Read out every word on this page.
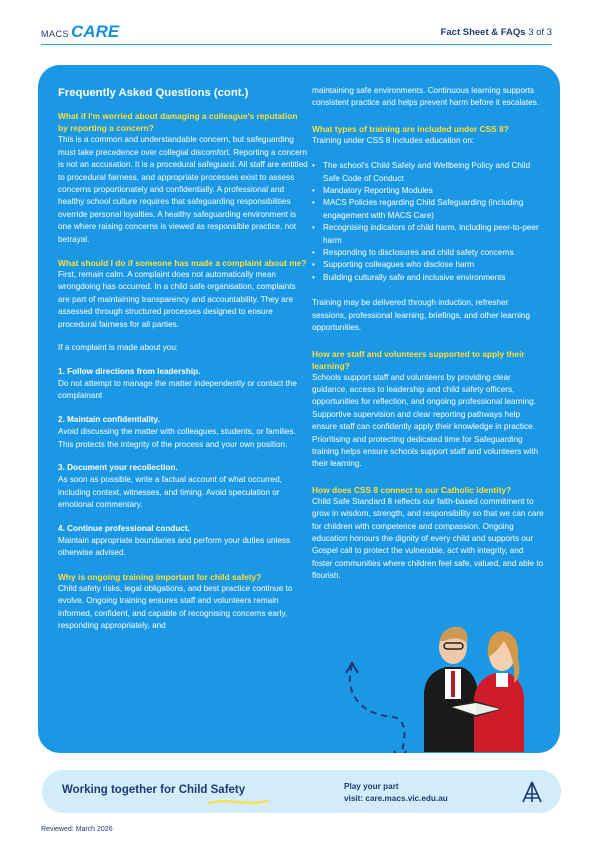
MACS CARE	Fact Sheet & FAQs 3 of 3

Frequently Asked Questions (cont.)

What if I'm worried about damaging a colleague's reputation by reporting a concern?

This is a common and understandable concern, but safeguarding must take precedence over collegial discomfort. Reporting a concern is not an accusation. It is a procedural safeguard. All staff are entitled to procedural fairness, and appropriate processes exist to assess concerns proportionately and confidentially. A professional and healthy school culture requires that safeguarding responsibilities override personal loyalties. A healthy safeguarding environment is one where raising concerns is viewed as responsible practice, not betrayal.

What should I do if someone has made a complaint about me?

First, remain calm. A complaint does not automatically mean wrongdoing has occurred. In a child safe organisation, complaints are part of maintaining transparency and accountability. They are assessed through structured processes designed to ensure procedural fairness for all parties.

If a complaint is made about you:

1. Follow directions from leadership.

Do not attempt to manage the matter independently or contact the complainant

2. Maintain confidentiality.

Avoid discussing the matter with colleagues, students, or families. This protects the integrity of the process and your own position.

3. Document your recollection.

As soon as possible, write a factual account of what occurred, including context, witnesses, and timing. Avoid speculation or emotional commentary.

4. Continue professional conduct.

Maintain appropriate boundaries and perform your duties unless otherwise advised.

Why is ongoing training important for child safety?

Child safety risks, legal obligations, and best practice continue to evolve. Ongoing training ensures staff and volunteers remain informed, confident, and capable of recognising concerns early, responding appropriately, and

maintaining safe environments. Continuous learning supports consistent practice and helps prevent harm before it escalates.

What types of training are included under CSS 8?

Training under CSS 8 includes education on:

• The school's Child Safety and Wellbeing Policy and Child Safe Code of Conduct
• Mandatory Reporting Modules
• MACS Policies regarding Child Safeguarding (including engagement with MACS Care)
• Recognising indicators of child harm, including peer-to-peer harm
• Responding to disclosures and child safety concerns
• Supporting colleagues who disclose harm
• Building culturally safe and inclusive environments

Training may be delivered through induction, refresher sessions, professional learning, briefings, and other learning opportunities.

How are staff and volunteers supported to apply their learning?

Schools support staff and volunteers by providing clear guidance, access to leadership and child safety officers, opportunities for reflection, and ongoing professional learning. Supportive supervision and clear reporting pathways help ensure staff can confidently apply their knowledge in practice. Prioritising and protecting dedicated time for Safeguarding training helps ensure schools support staff and volunteers with their learning.

How does CSS 8 connect to our Catholic identity?

Child Safe Standard 8 reflects our faith-based commitment to grow in wisdom, strength, and responsibility so that we can care for children with competence and compassion. Ongoing education honours the dignity of every child and supports our Gospel call to protect the vulnerable, act with integrity, and foster communities where children feel safe, valued, and able to flourish.

Working together for Child Safety	Play your part
visit: care.macs.vic.edu.au
Reviewed: March 2026
